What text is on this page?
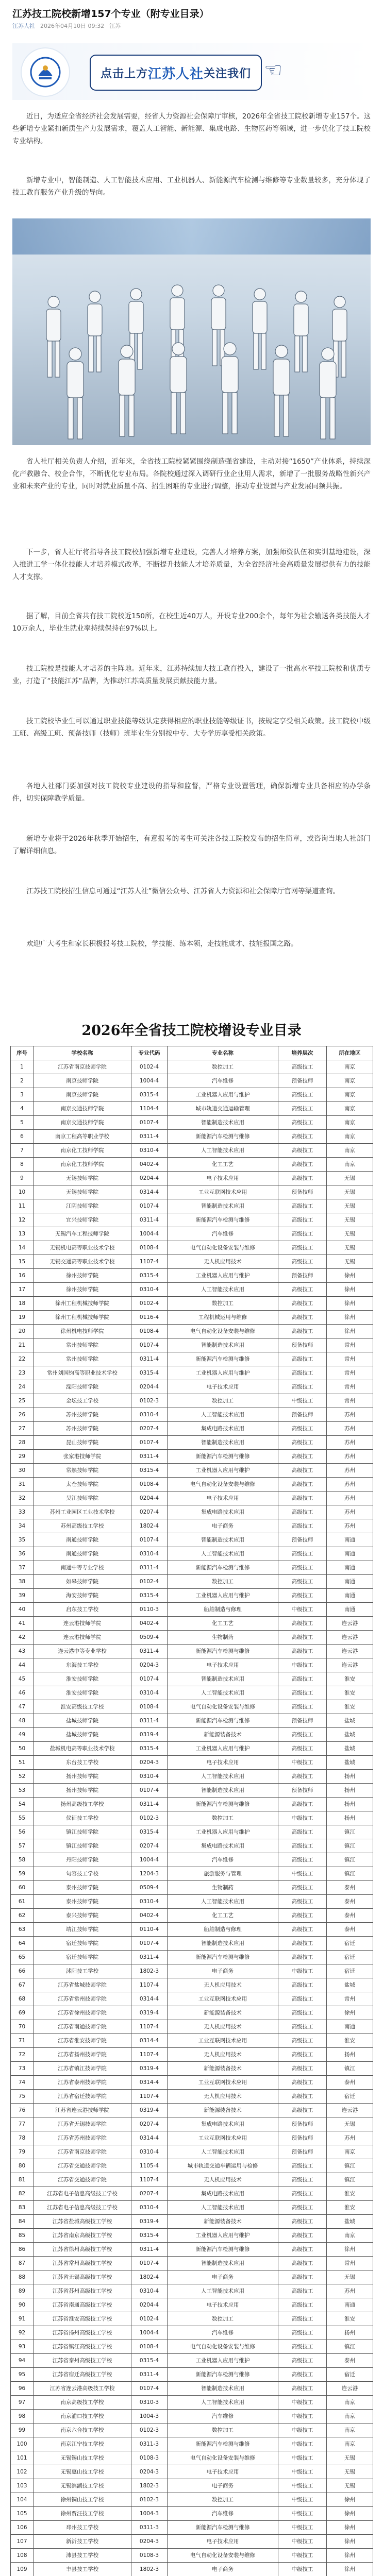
江苏技工院校新增157个专业（附专业目录）
江苏人社 2026年04月10日 09:32 江苏
点击上方 江苏人社 关注我们 ☜

近日，为适应全省经济社会发展需要，经省人力资源社会保障厅审核，2026年全省技工院校新增专业157个。这些新增专业紧扣新质生产力发展需求，覆盖人工智能、新能源、集成电路、生物医药等领域，进一步优化了技工院校专业结构。

新增专业中，智能制造、人工智能技术应用、工业机器人、新能源汽车检测与维修等专业数量较多，充分体现了技工教育服务产业升级的导向。

省人社厅相关负责人介绍，近年来，全省技工院校紧紧围绕制造强省建设，主动对接“1650”产业体系，持续深化产教融合、校企合作，不断优化专业布局。各院校通过深入调研行业企业用人需求，新增了一批服务战略性新兴产业和未来产业的专业，同时对就业质量不高、招生困难的专业进行调整，推动专业设置与产业发展同频共振。

下一步，省人社厅将指导各技工院校加强新增专业建设，完善人才培养方案，加强师资队伍和实训基地建设，深入推进工学一体化技能人才培养模式改革，不断提升技能人才培养质量，为全省经济社会高质量发展提供有力的技能人才支撑。

据了解，目前全省共有技工院校近150所，在校生近40万人，开设专业200余个，每年为社会输送各类技能人才10万余人，毕业生就业率持续保持在97%以上。

技工院校是技能人才培养的主阵地。近年来，江苏持续加大技工教育投入，建设了一批高水平技工院校和优质专业，打造了“技能江苏”品牌，为推动江苏高质量发展贡献技能力量。

技工院校毕业生可以通过职业技能等级认定获得相应的职业技能等级证书，按规定享受相关政策。技工院校中级工班、高级工班、预备技师（技师）班毕业生分别按中专、大专学历享受相关政策。

各地人社部门要加强对技工院校专业建设的指导和监督，严格专业设置管理，确保新增专业具备相应的办学条件，切实保障教学质量。

新增专业将于2026年秋季开始招生，有意报考的考生可关注各技工院校发布的招生简章，或咨询当地人社部门了解详细信息。

江苏技工院校招生信息可通过“江苏人社”微信公众号、江苏省人力资源和社会保障厅官网等渠道查询。

欢迎广大考生和家长积极报考技工院校，学技能、练本领，走技能成才、技能报国之路。

2026年全省技工院校增设专业目录
序号	学校名称	专业代码	专业名称	培养层次	所在地区
1	江苏省南京技师学院	0102-4	数控加工	高级技工	南京
2	南京技师学院	1004-4	汽车维修	预备技师	南京
3	南京技师学院	0315-4	工业机器人应用与维护	高级技工	南京
4	南京交通技师学院	1104-4	城市轨道交通运输管理	高级技工	南京
5	南京交通技师学院	0107-4	智能制造技术应用	高级技工	南京
6	南京工程高等职业学校	0311-4	新能源汽车检测与维修	高级技工	南京
7	南京化工技师学院	0310-4	人工智能技术应用	高级技工	南京
8	南京化工技师学院	0402-4	化工工艺	高级技工	南京
9	无锡技师学院	0204-4	电子技术应用	高级技工	无锡
10	无锡技师学院	0314-4	工业互联网技术应用	预备技师	无锡
11	江阴技师学院	0107-4	智能制造技术应用	高级技工	无锡
12	宜兴技师学院	0311-4	新能源汽车检测与维修	高级技工	无锡
13	无锡汽车工程技师学院	1004-4	汽车维修	高级技工	无锡
14	无锡机电高等职业技术学校	0108-4	电气自动化设备安装与维修	高级技工	无锡
15	无锡交通高等职业技术学校	1107-4	无人机应用技术	高级技工	无锡
16	徐州技师学院	0315-4	工业机器人应用与维护	预备技师	徐州
17	徐州技师学院	0310-4	人工智能技术应用	高级技工	徐州
18	徐州工程机械技师学院	0102-4	数控加工	高级技工	徐州
19	徐州工程机械技师学院	0116-4	工程机械运用与维修	高级技工	徐州
20	徐州机电技师学院	0108-4	电气自动化设备安装与维修	高级技工	徐州
21	常州技师学院	0107-4	智能制造技术应用	预备技师	常州
22	常州技师学院	0311-4	新能源汽车检测与维修	高级技工	常州
23	常州刘国钧高等职业技术学校	0315-4	工业机器人应用与维护	高级技工	常州
24	溧阳技师学院	0204-4	电子技术应用	高级技工	常州
25	金坛技工学校	0102-3	数控加工	中级技工	常州
26	苏州技师学院	0310-4	人工智能技术应用	预备技师	苏州
27	苏州技师学院	0207-4	集成电路技术应用	高级技工	苏州
28	昆山技师学院	0107-4	智能制造技术应用	高级技工	苏州
29	张家港技师学院	0311-4	新能源汽车检测与维修	高级技工	苏州
30	常熟技师学院	0315-4	工业机器人应用与维护	高级技工	苏州
31	太仓技师学院	0108-4	电气自动化设备安装与维修	高级技工	苏州
32	吴江技师学院	0204-4	电子技术应用	高级技工	苏州
33	苏州工业园区工业技术学校	0207-4	集成电路技术应用	高级技工	苏州
34	苏州高级技工学校	1802-4	电子商务	高级技工	苏州
35	南通技师学院	0107-4	智能制造技术应用	预备技师	南通
36	南通技师学院	0310-4	人工智能技术应用	高级技工	南通
37	南通中等专业学校	0311-4	新能源汽车检测与维修	高级技工	南通
38	如皋技师学院	0102-4	数控加工	高级技工	南通
39	海安技师学院	0315-4	工业机器人应用与维护	高级技工	南通
40	启东技工学校	0110-3	船舶制造与修理	中级技工	南通
41	连云港技师学院	0402-4	化工工艺	高级技工	连云港
42	连云港技师学院	0509-4	生物制药	高级技工	连云港
43	连云港中等专业学校	0311-4	新能源汽车检测与维修	高级技工	连云港
44	东海技工学校	0204-3	电子技术应用	中级技工	连云港
45	淮安技师学院	0107-4	智能制造技术应用	高级技工	淮安
46	淮安技师学院	0310-4	人工智能技术应用	高级技工	淮安
47	淮安高级技工学校	0108-4	电气自动化设备安装与维修	高级技工	淮安
48	盐城技师学院	0311-4	新能源汽车检测与维修	预备技师	盐城
49	盐城技师学院	0319-4	新能源装备技术	高级技工	盐城
50	盐城机电高等职业技术学校	0315-4	工业机器人应用与维护	高级技工	盐城
51	东台技工学校	0204-3	电子技术应用	中级技工	盐城
52	扬州技师学院	0310-4	人工智能技术应用	高级技工	扬州
53	扬州技师学院	0107-4	智能制造技术应用	预备技师	扬州
54	扬州高级技工学校	0311-4	新能源汽车检测与维修	高级技工	扬州
55	仪征技工学校	0102-3	数控加工	中级技工	扬州
56	镇江技师学院	0315-4	工业机器人应用与维护	高级技工	镇江
57	镇江技师学院	0207-4	集成电路技术应用	高级技工	镇江
58	丹阳技师学院	1004-4	汽车维修	高级技工	镇江
59	句容技工学校	1204-3	旅游服务与管理	中级技工	镇江
60	泰州技师学院	0509-4	生物制药	高级技工	泰州
61	泰州技师学院	0310-4	人工智能技术应用	高级技工	泰州
62	泰兴技师学院	0402-4	化工工艺	高级技工	泰州
63	靖江技师学院	0110-4	船舶制造与修理	高级技工	泰州
64	宿迁技师学院	0107-4	智能制造技术应用	高级技工	宿迁
65	宿迁技师学院	0311-4	新能源汽车检测与维修	高级技工	宿迁
66	沭阳技工学校	1802-3	电子商务	中级技工	宿迁
67	江苏省盐城技师学院	1107-4	无人机应用技术	高级技工	盐城
68	江苏省常州技师学院	0314-4	工业互联网技术应用	高级技工	常州
69	江苏省徐州技师学院	0319-4	新能源装备技术	高级技工	徐州
70	江苏省南通技师学院	1107-4	无人机应用技术	高级技工	南通
71	江苏省淮安技师学院	0314-4	工业互联网技术应用	高级技工	淮安
72	江苏省扬州技师学院	1107-4	无人机应用技术	高级技工	扬州
73	江苏省镇江技师学院	0319-4	新能源装备技术	高级技工	镇江
74	江苏省泰州技师学院	0314-4	工业互联网技术应用	高级技工	泰州
75	江苏省宿迁技师学院	1107-4	无人机应用技术	高级技工	宿迁
76	江苏省连云港技师学院	0319-4	新能源装备技术	高级技工	连云港
77	江苏省无锡技师学院	0207-4	集成电路技术应用	预备技师	无锡
78	江苏省苏州技师学院	0314-4	工业互联网技术应用	预备技师	苏州
79	江苏省南京技师学院	0310-4	人工智能技术应用	预备技师	南京
80	江苏省交通技师学院	1105-4	城市轨道交通车辆运用与检修	高级技工	镇江
81	江苏省交通技师学院	1107-4	无人机应用技术	高级技工	镇江
82	江苏省电子信息高级技工学校	0207-4	集成电路技术应用	高级技工	淮安
83	江苏省电子信息高级技工学校	0310-4	人工智能技术应用	高级技工	淮安
84	江苏省盐城高级技工学校	0319-4	新能源装备技术	高级技工	盐城
85	江苏省南京高级技工学校	0315-4	工业机器人应用与维护	高级技工	南京
86	江苏省徐州高级技工学校	0311-4	新能源汽车检测与维修	高级技工	徐州
87	江苏省常州高级技工学校	0107-4	智能制造技术应用	高级技工	常州
88	江苏省无锡高级技工学校	1802-4	电子商务	高级技工	无锡
89	江苏省苏州高级技工学校	0310-4	人工智能技术应用	高级技工	苏州
90	江苏省南通高级技工学校	0204-4	电子技术应用	高级技工	南通
91	江苏省淮安高级技工学校	0102-4	数控加工	高级技工	淮安
92	江苏省扬州高级技工学校	1004-4	汽车维修	高级技工	扬州
93	江苏省镇江高级技工学校	0108-4	电气自动化设备安装与维修	高级技工	镇江
94	江苏省泰州高级技工学校	0315-4	工业机器人应用与维护	高级技工	泰州
95	江苏省宿迁高级技工学校	0311-4	新能源汽车检测与维修	高级技工	宿迁
96	江苏省连云港高级技工学校	0107-4	智能制造技术应用	高级技工	连云港
97	南京高级技工学校	0310-3	人工智能技术应用	中级技工	南京
98	南京浦口技工学校	1004-3	汽车维修	中级技工	南京
99	南京六合技工学校	0102-3	数控加工	中级技工	南京
100	南京江宁技工学校	0311-3	新能源汽车检测与维修	中级技工	南京
101	无锡锡山技工学校	0108-3	电气自动化设备安装与维修	中级技工	无锡
102	无锡惠山技工学校	0204-3	电子技术应用	中级技工	无锡
103	无锡滨湖技工学校	1802-3	电子商务	中级技工	无锡
104	徐州铜山技工学校	0102-3	数控加工	中级技工	徐州
105	徐州贾汪技工学校	1004-3	汽车维修	中级技工	徐州
106	邳州技工学校	0311-3	新能源汽车检测与维修	中级技工	徐州
107	新沂技工学校	0204-3	电子技术应用	中级技工	徐州
108	沛县技工学校	0108-3	电气自动化设备安装与维修	中级技工	徐州
109	丰县技工学校	1802-3	电子商务	中级技工	徐州
